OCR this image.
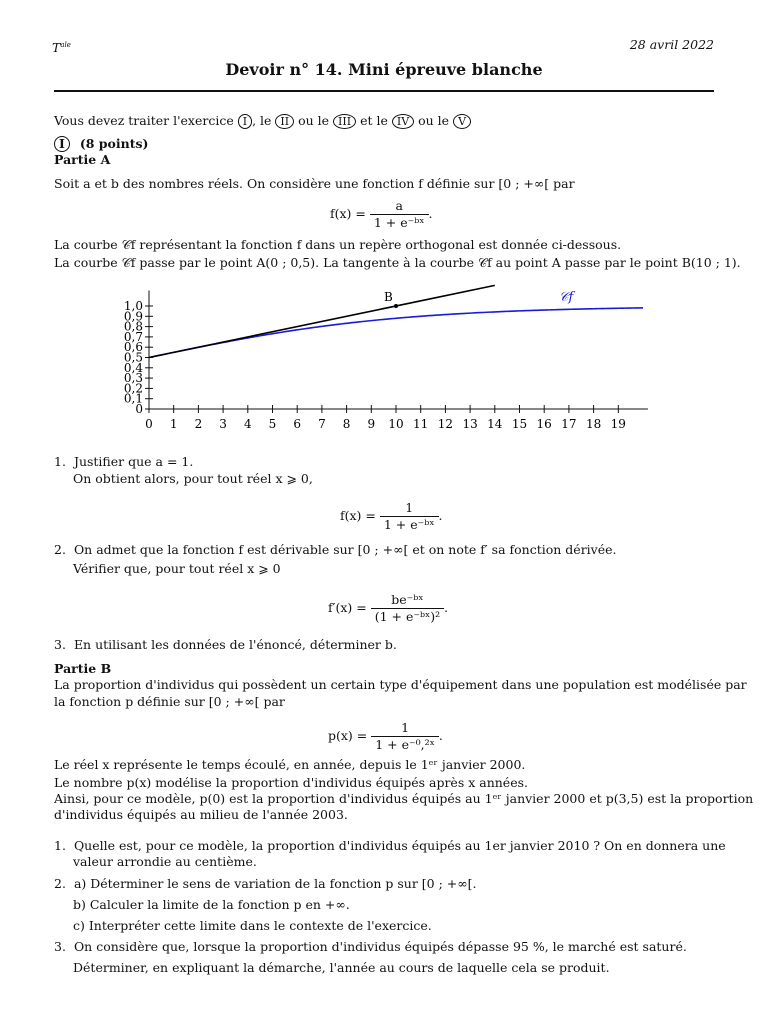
$T^{ale}$	28 avril 2022
Devoir n° 14. Mini épreuve blanche
Vous devez traiter l'exercice I , le II ou le III et le IV ou le V
I (8 points)
Partie A
Soit a et b des nombres réels. On considère une fonction f définie sur [0 ; +∞[ par
$f(x) = \frac{a}{\text{1 + e⁻ᵇˣ}}$ .
La courbe 𝒞f représentant la fonction f dans un repère orthogonal est donnée ci-dessous.
La courbe 𝒞f passe par le point A(0 ; 0,5). La tangente à la courbe 𝒞f au point A passe par le point B(10 ; 1).
0 1 2 3 4 5 6 7 8 9 10 11 12 13 14 15 16 17 18 19
0
0,1
0,2
0,3
0,4
0,5
0,6
0,7
0,8
0,9
1,0
B	𝒞f
1. Justifier que a = 1.
On obtient alors, pour tout réel x ⩾ 0,
$f(x) = \frac{1}{\text{1 + e⁻ᵇˣ}}$ .
2. On admet que la fonction f est dérivable sur [0 ; +∞[ et on note f′ sa fonction dérivée.
Vérifier que, pour tout réel x ⩾ 0
$f'(x) = \frac{\text{be⁻ᵇˣ}}{\text{(1 + e⁻ᵇˣ)²}}$ .
3. En utilisant les données de l'énoncé, déterminer b.
Partie B
La proportion d'individus qui possèdent un certain type d'équipement dans une population est modélisée par
la fonction p définie sur [0 ; +∞[ par
$p(x) = \frac{1}{\text{1 + e⁻⁰,²ˣ}}$ .
Le réel x représente le temps écoulé, en année, depuis le 1ᵉʳ janvier 2000.
Le nombre p(x) modélise la proportion d'individus équipés après x années.
Ainsi, pour ce modèle, p(0) est la proportion d'individus équipés au 1ᵉʳ janvier 2000 et p(3,5) est la proportion
d'individus équipés au milieu de l'année 2003.
1. Quelle est, pour ce modèle, la proportion d'individus équipés au 1er janvier 2010 ? On en donnera une
valeur arrondie au centième.
2. a) Déterminer le sens de variation de la fonction p sur [0 ; +∞[.
b) Calculer la limite de la fonction p en +∞.
c) Interpréter cette limite dans le contexte de l'exercice.
3. On considère que, lorsque la proportion d'individus équipés dépasse 95 %, le marché est saturé.
Déterminer, en expliquant la démarche, l'année au cours de laquelle cela se produit.
